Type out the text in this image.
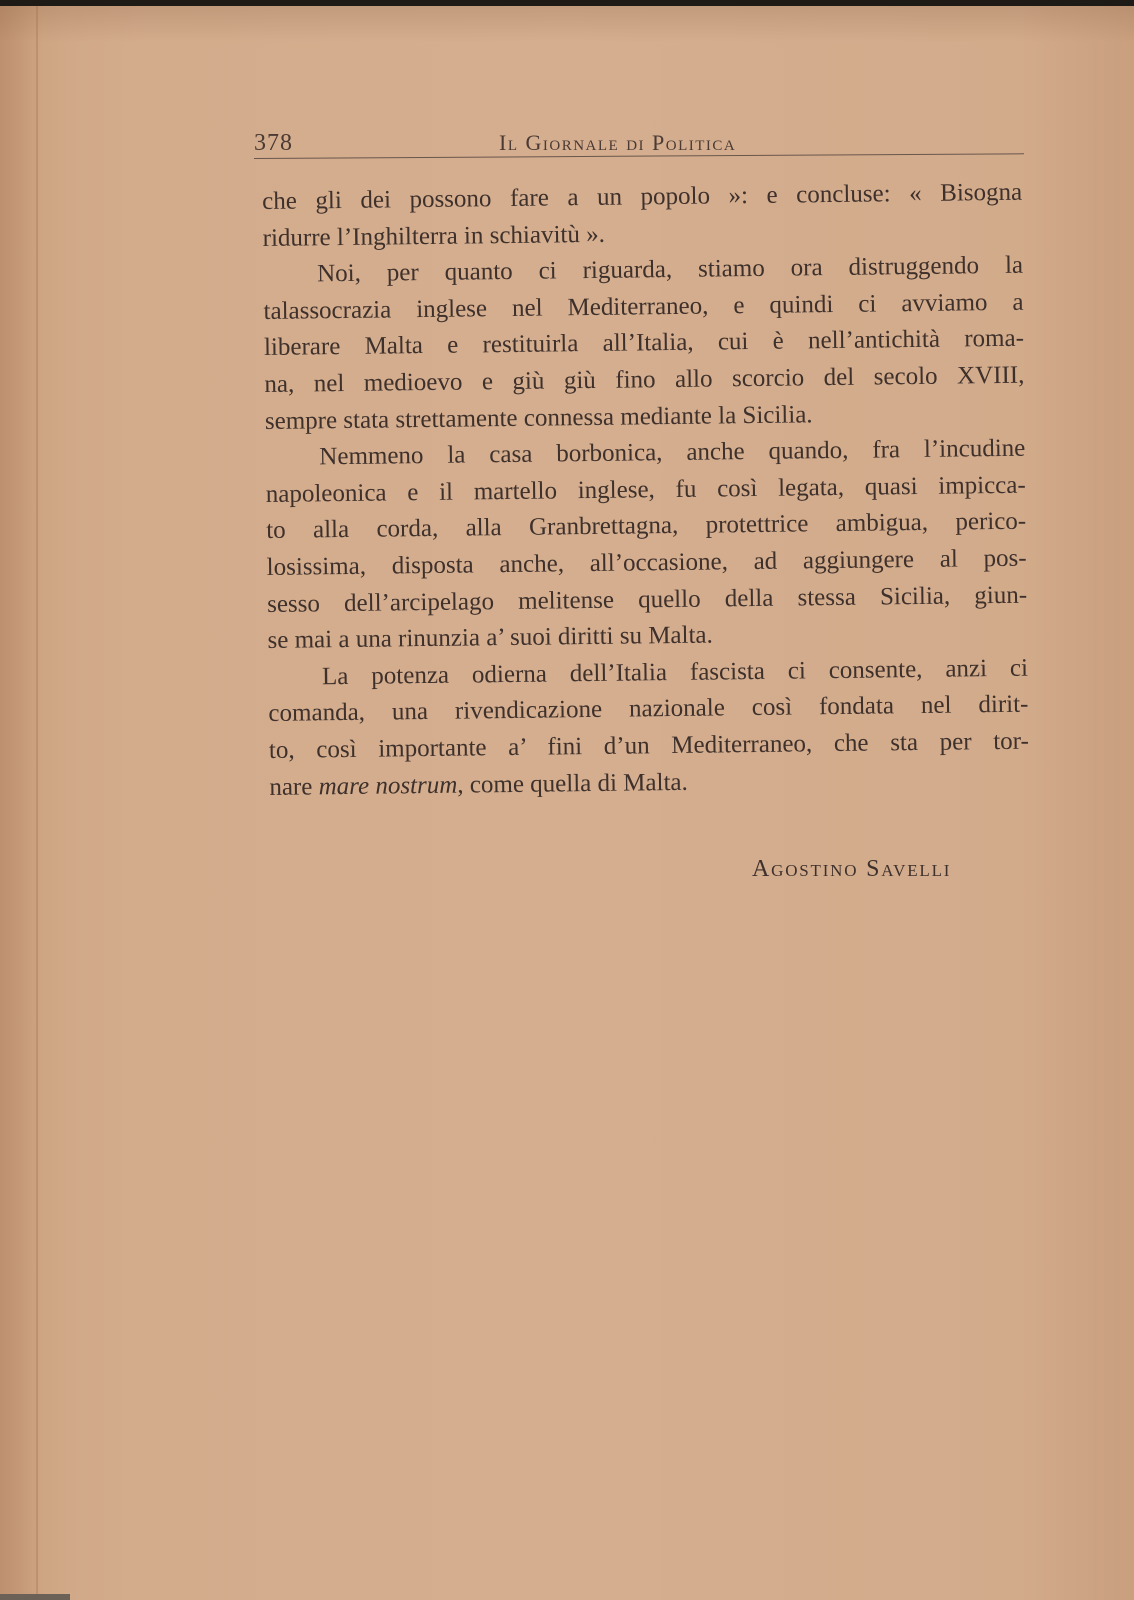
378	Il Giornale di Politica
che gli dei possono fare a un popolo »: e concluse: « Bisogna
ridurre l’Inghilterra in schiavitù ».
Noi, per quanto ci riguarda, stiamo ora distruggendo la
talassocrazia inglese nel Mediterraneo, e quindi ci avviamo a
liberare Malta e restituirla all’Italia, cui è nell’antichità roma-
na, nel medioevo e giù giù fino allo scorcio del secolo XVIII,
sempre stata strettamente connessa mediante la Sicilia.
Nemmeno la casa borbonica, anche quando, fra l’incudine
napoleonica e il martello inglese, fu così legata, quasi impicca-
to alla corda, alla Granbrettagna, protettrice ambigua, perico-
losissima, disposta anche, all’occasione, ad aggiungere al pos-
sesso dell’arcipelago melitense quello della stessa Sicilia, giun-
se mai a una rinunzia a’ suoi diritti su Malta.
La potenza odierna dell’Italia fascista ci consente, anzi ci
comanda, una rivendicazione nazionale così fondata nel dirit-
to, così importante a’ fini d’un Mediterraneo, che sta per tor-
nare mare nostrum, come quella di Malta.
Agostino Savelli
